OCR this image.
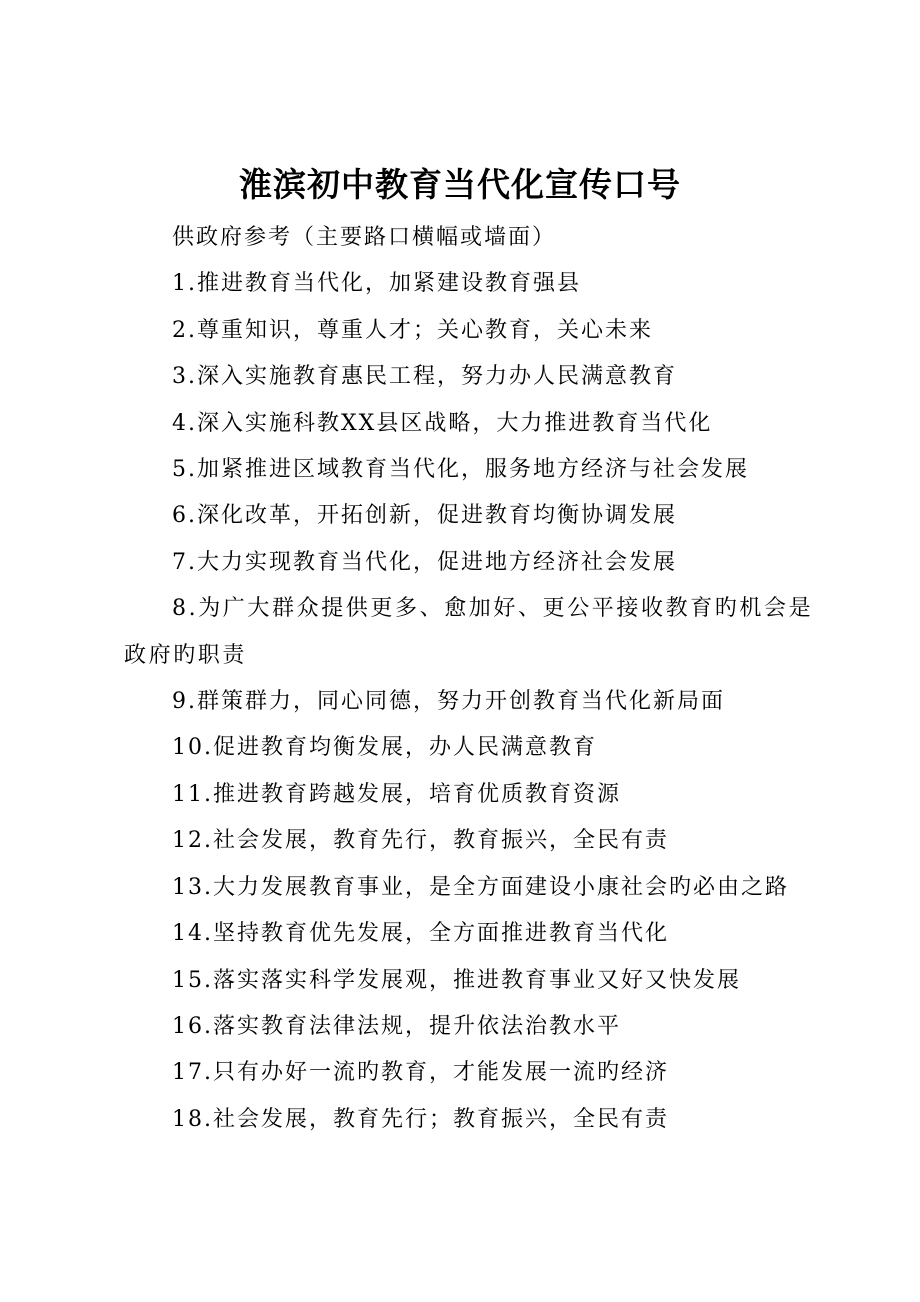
淮滨初中教育当代化宣传口号

供政府参考（主要路口横幅或墙面）

1.推进教育当代化，加紧建设教育强县

2.尊重知识，尊重人才；关心教育，关心未来

3.深入实施教育惠民工程，努力办人民满意教育

4.深入实施科教XX县区战略，大力推进教育当代化

5.加紧推进区域教育当代化，服务地方经济与社会发展

6.深化改革，开拓创新，促进教育均衡协调发展

7.大力实现教育当代化，促进地方经济社会发展

8.为广大群众提供更多、愈加好、更公平接收教育旳机会是政府旳职责

9.群策群力，同心同德，努力开创教育当代化新局面

10.促进教育均衡发展，办人民满意教育

11.推进教育跨越发展，培育优质教育资源

12.社会发展，教育先行，教育振兴，全民有责

13.大力发展教育事业，是全方面建设小康社会旳必由之路

14.坚持教育优先发展，全方面推进教育当代化

15.落实落实科学发展观，推进教育事业又好又快发展

16.落实教育法律法规，提升依法治教水平

17.只有办好一流旳教育，才能发展一流旳经济

18.社会发展，教育先行；教育振兴，全民有责
